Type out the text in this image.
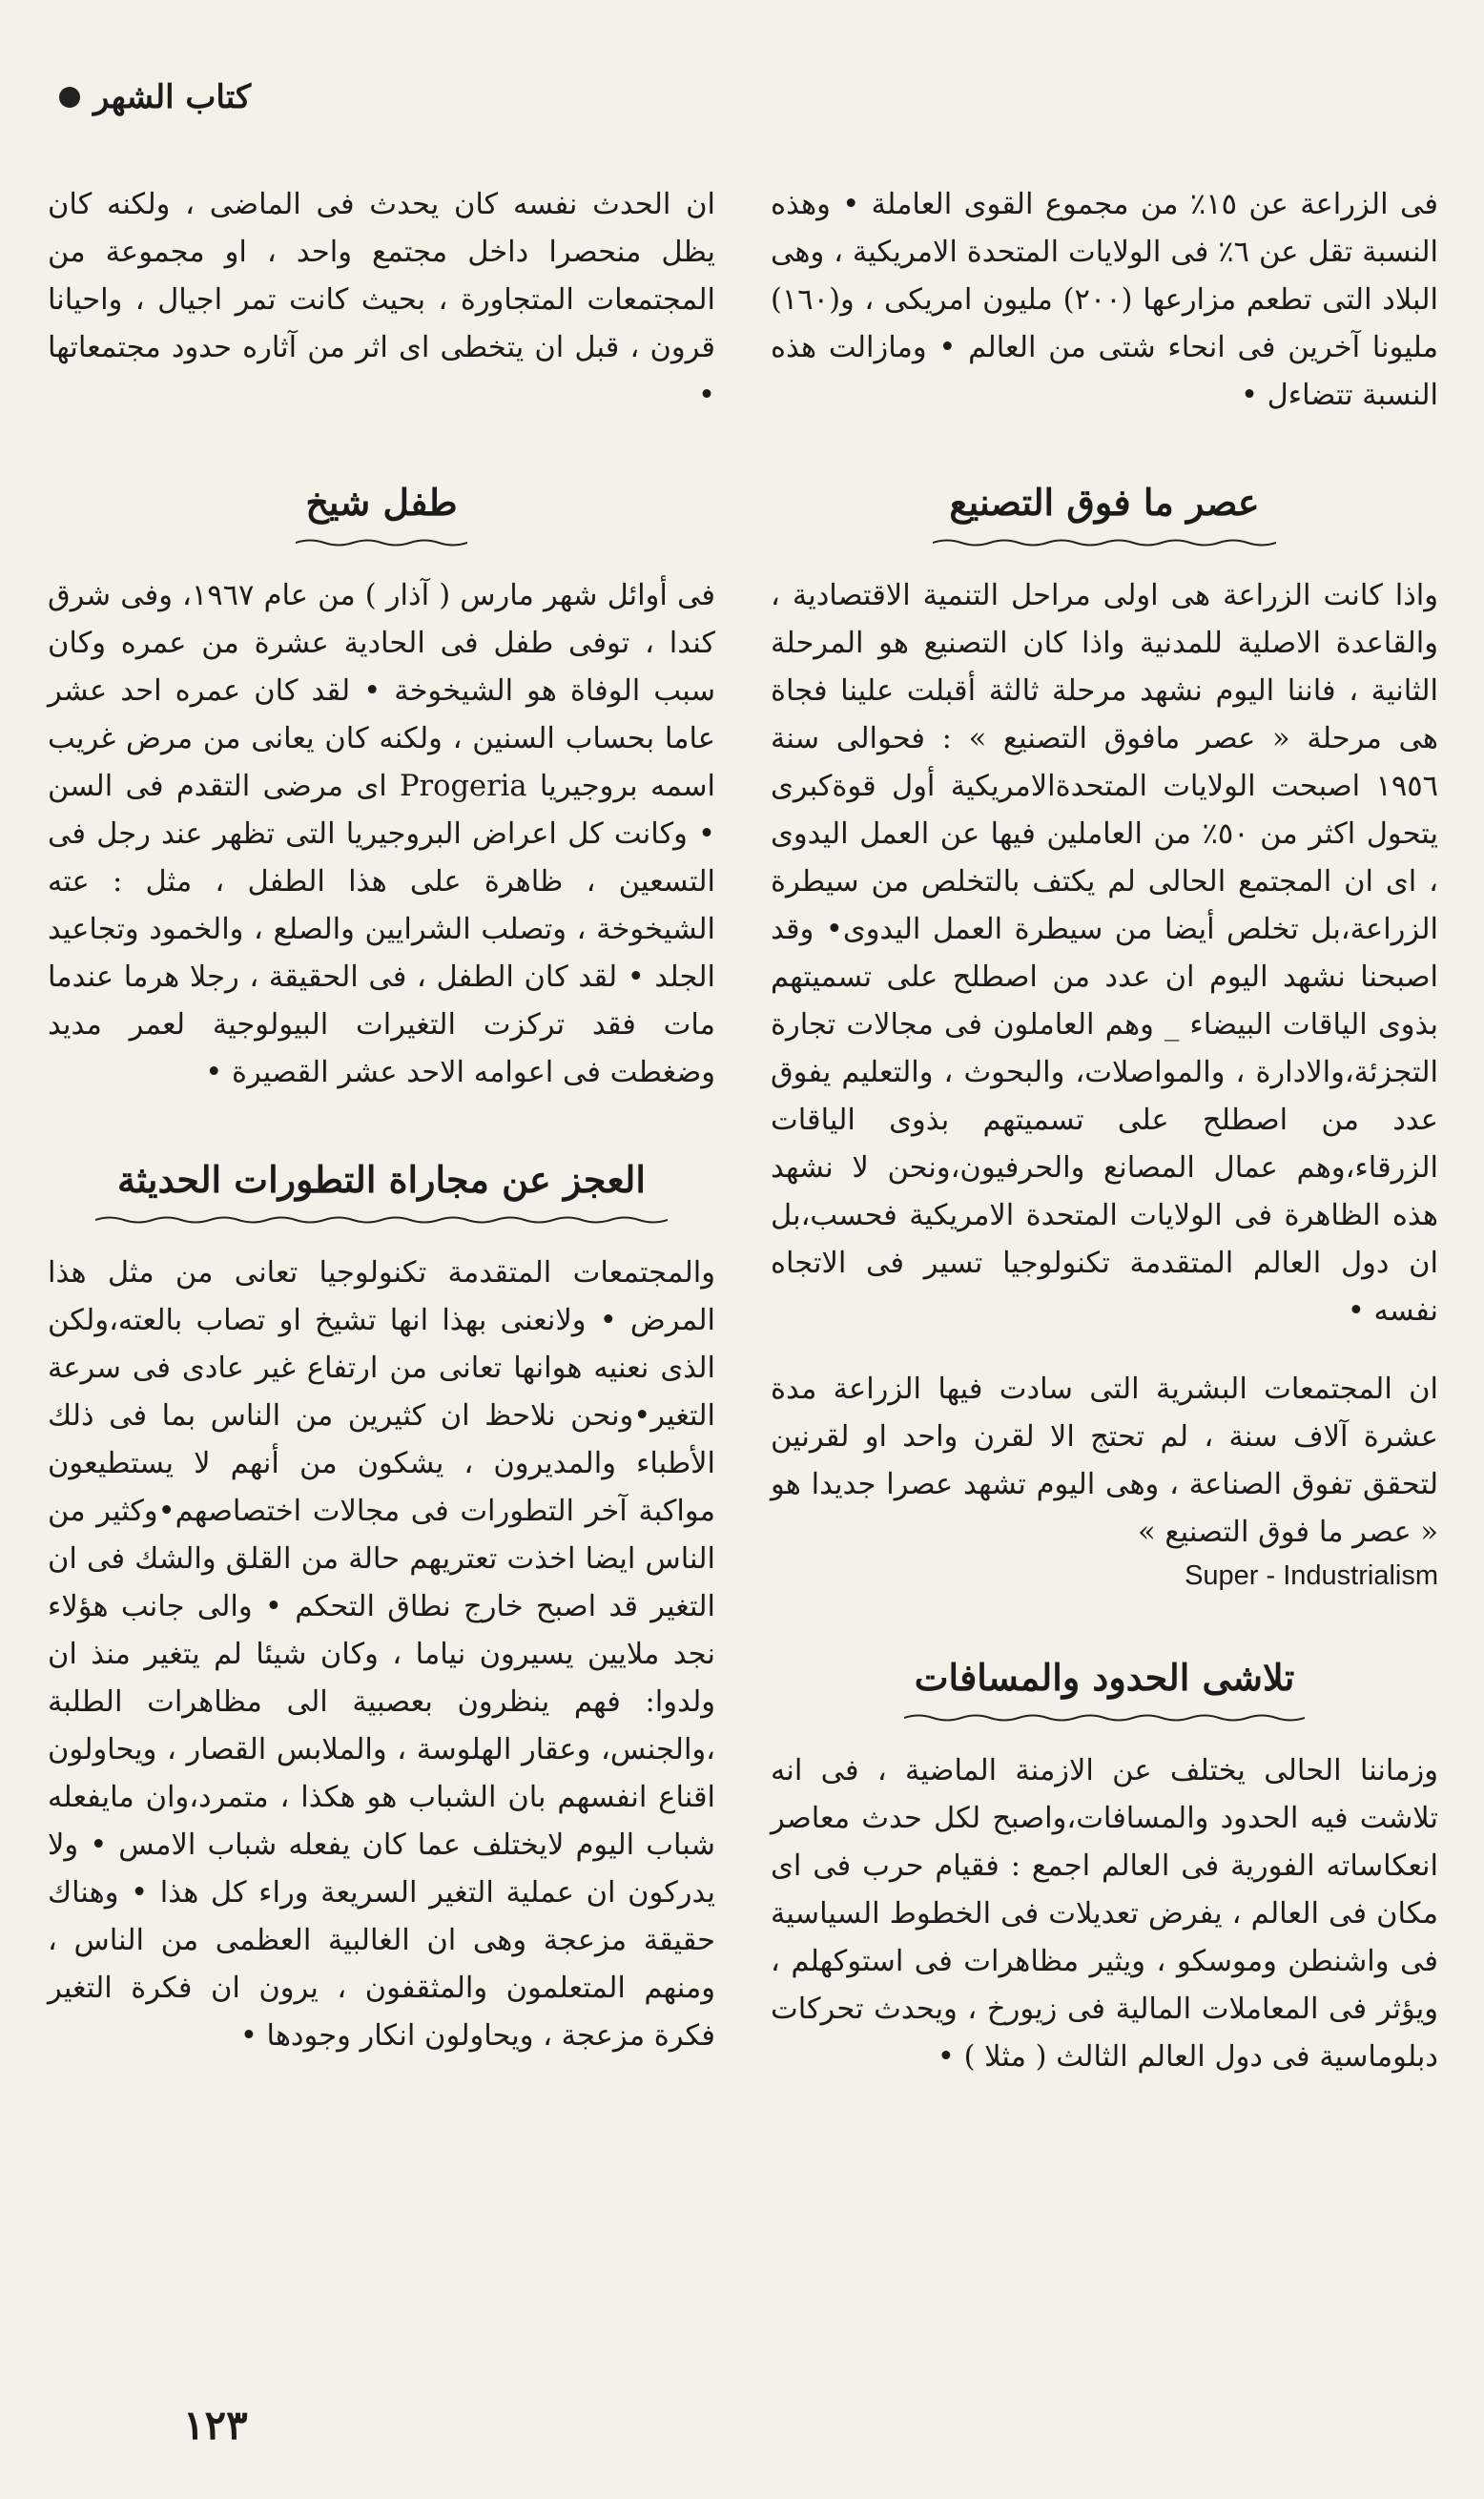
كتاب الشهر

فى الزراعة عن ١٥٪ من مجموع القوى العاملة • وهذه النسبة تقل عن ٦٪ فى الولايات المتحدة الامريكية ، وهى البلاد التى تطعم مزارعها (٢٠٠) مليون امريكى ، و(١٦٠) مليونا آخرين فى انحاء شتى من العالم • ومازالت هذه النسبة تتضاءل •

عصر ما فوق التصنيع

واذا كانت الزراعة هى اولى مراحل التنمية الاقتصادية ، والقاعدة الاصلية للمدنية واذا كان التصنيع هو المرحلة الثانية ، فاننا اليوم نشهد مرحلة ثالثة أقبلت علينا فجاة هى مرحلة « عصر مافوق التصنيع » : فحوالى سنة ١٩٥٦ اصبحت الولايات المتحدةالامريكية أول قوةكبرى يتحول اكثر من ٥٠٪ من العاملين فيها عن العمل اليدوى ، اى ان المجتمع الحالى لم يكتف بالتخلص من سيطرة الزراعة،بل تخلص أيضا من سيطرة العمل اليدوى• وقد اصبحنا نشهد اليوم ان عدد من اصطلح على تسميتهم بذوى الياقات البيضاء _ وهم العاملون فى مجالات تجارة التجزئة،والادارة ، والمواصلات، والبحوث ، والتعليم يفوق عدد من اصطلح على تسميتهم بذوى الياقات الزرقاء،وهم عمال المصانع والحرفيون،ونحن لا نشهد هذه الظاهرة فى الولايات المتحدة الامريكية فحسب،بل ان دول العالم المتقدمة تكنولوجيا تسير فى الاتجاه نفسه •

ان المجتمعات البشرية التى سادت فيها الزراعة مدة عشرة آلاف سنة ، لم تحتج الا لقرن واحد او لقرنين لتحقق تفوق الصناعة ، وهى اليوم تشهد عصرا جديدا هو « عصر ما فوق التصنيع »

Super - Industrialism
تلاشى الحدود والمسافات

وزماننا الحالى يختلف عن الازمنة الماضية ، فى انه تلاشت فيه الحدود والمسافات،واصبح لكل حدث معاصر انعكاساته الفورية فى العالم اجمع : فقيام حرب فى اى مكان فى العالم ، يفرض تعديلات فى الخطوط السياسية فى واشنطن وموسكو ، ويثير مظاهرات فى استوكهلم ، ويؤثر فى المعاملات المالية فى زيورخ ، ويحدث تحركات دبلوماسية فى دول العالم الثالث ( مثلا ) •

ان الحدث نفسه كان يحدث فى الماضى ، ولكنه كان يظل منحصرا داخل مجتمع واحد ، او مجموعة من المجتمعات المتجاورة ، بحيث كانت تمر اجيال ، واحيانا قرون ، قبل ان يتخطى اى اثر من آثاره حدود مجتمعاتها •

طفل شيخ

فى أوائل شهر مارس ( آذار ) من عام ١٩٦٧، وفى شرق كندا ، توفى طفل فى الحادية عشرة من عمره وكان سبب الوفاة هو الشيخوخة • لقد كان عمره احد عشر عاما بحساب السنين ، ولكنه كان يعانى من مرض غريب اسمه بروجيريا Progeria اى مرضى التقدم فى السن • وكانت كل اعراض البروجيريا التى تظهر عند رجل فى التسعين ، ظاهرة على هذا الطفل ، مثل : عته الشيخوخة ، وتصلب الشرايين والصلع ، والخمود وتجاعيد الجلد • لقد كان الطفل ، فى الحقيقة ، رجلا هرما عندما مات فقد تركزت التغيرات البيولوجية لعمر مديد وضغطت فى اعوامه الاحد عشر القصيرة •

العجز عن مجاراة التطورات الحديثة

والمجتمعات المتقدمة تكنولوجيا تعانى من مثل هذا المرض • ولانعنى بهذا انها تشيخ او تصاب بالعته،ولكن الذى نعنيه هوانها تعانى من ارتفاع غير عادى فى سرعة التغير•ونحن نلاحظ ان كثيرين من الناس بما فى ذلك الأطباء والمديرون ، يشكون من أنهم لا يستطيعون مواكبة آخر التطورات فى مجالات اختصاصهم•وكثير من الناس ايضا اخذت تعتريهم حالة من القلق والشك فى ان التغير قد اصبح خارج نطاق التحكم • والى جانب هؤلاء نجد ملايين يسيرون نياما ، وكان شيئا لم يتغير منذ ان ولدوا: فهم ينظرون بعصبية الى مظاهرات الطلبة ،والجنس، وعقار الهلوسة ، والملابس القصار ، ويحاولون اقناع انفسهم بان الشباب هو هكذا ، متمرد،وان مايفعله شباب اليوم لايختلف عما كان يفعله شباب الامس • ولا يدركون ان عملية التغير السريعة وراء كل هذا • وهناك حقيقة مزعجة وهى ان الغالبية العظمى من الناس ، ومنهم المتعلمون والمثقفون ، يرون ان فكرة التغير فكرة مزعجة ، ويحاولون انكار وجودها •

١٢٣
